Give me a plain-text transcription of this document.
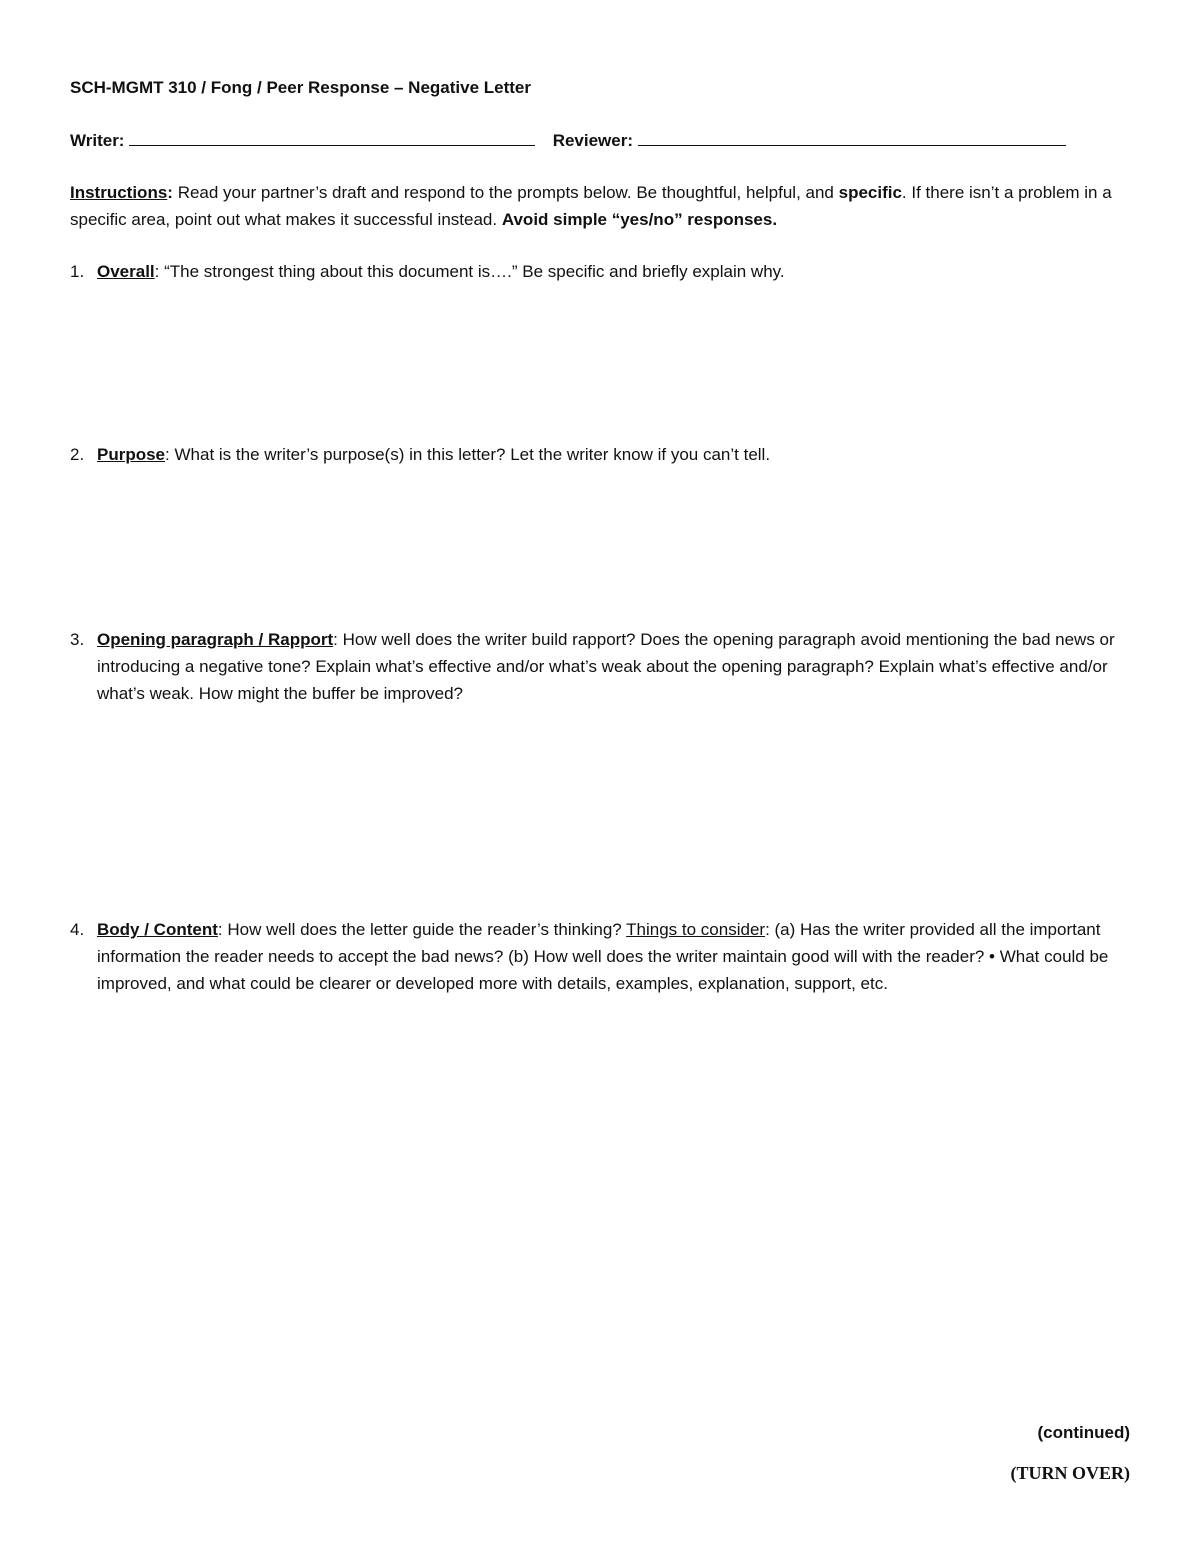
SCH-MGMT 310 / Fong / Peer Response – Negative Letter
Writer:	Reviewer:
Instructions: Read your partner’s draft and respond to the prompts below. Be thoughtful, helpful, and specific. If there isn’t a problem in a specific area, point out what makes it successful instead. Avoid simple “yes/no” responses.
1. Overall: “The strongest thing about this document is….” Be specific and briefly explain why.
2. Purpose: What is the writer’s purpose(s) in this letter? Let the writer know if you can’t tell.
3. Opening paragraph / Rapport: How well does the writer build rapport? Does the opening paragraph avoid mentioning the bad news or introducing a negative tone? Explain what’s effective and/or what’s weak about the opening paragraph? Explain what’s effective and/or what’s weak. How might the buffer be improved?
4. Body / Content: How well does the letter guide the reader’s thinking? Things to consider: (a) Has the writer provided all the important information the reader needs to accept the bad news? (b) How well does the writer maintain good will with the reader? • What could be improved, and what could be clearer or developed more with details, examples, explanation, support, etc.
(continued)
(TURN OVER)
